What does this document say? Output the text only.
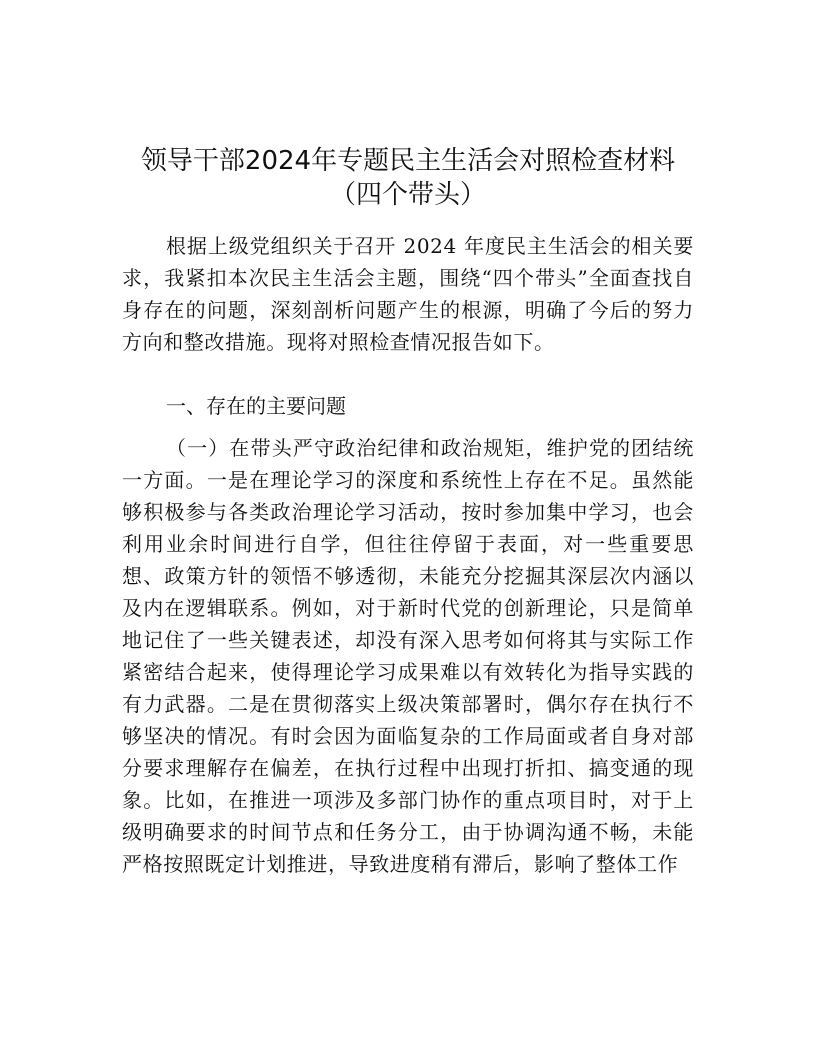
领导干部2024年专题民主生活会对照检查材料
（四个带头）
根据上级党组织关于召开 2024 年度民主生活会的相关要求，我紧扣本次民主生活会主题，围绕“四个带头”全面查找自身存在的问题，深刻剖析问题产生的根源，明确了今后的努力方向和整改措施。现将对照检查情况报告如下。
一、存在的主要问题
（一）在带头严守政治纪律和政治规矩，维护党的团结统一方面。一是在理论学习的深度和系统性上存在不足。虽然能够积极参与各类政治理论学习活动，按时参加集中学习，也会利用业余时间进行自学，但往往停留于表面，对一些重要思想、政策方针的领悟不够透彻，未能充分挖掘其深层次内涵以及内在逻辑联系。例如，对于新时代党的创新理论，只是简单地记住了一些关键表述，却没有深入思考如何将其与实际工作紧密结合起来，使得理论学习成果难以有效转化为指导实践的有力武器。二是在贯彻落实上级决策部署时，偶尔存在执行不够坚决的情况。有时会因为面临复杂的工作局面或者自身对部分要求理解存在偏差，在执行过程中出现打折扣、搞变通的现象。比如，在推进一项涉及多部门协作的重点项目时，对于上级明确要求的时间节点和任务分工，由于协调沟通不畅，未能严格按照既定计划推进，导致进度稍有滞后，影响了整体工作
